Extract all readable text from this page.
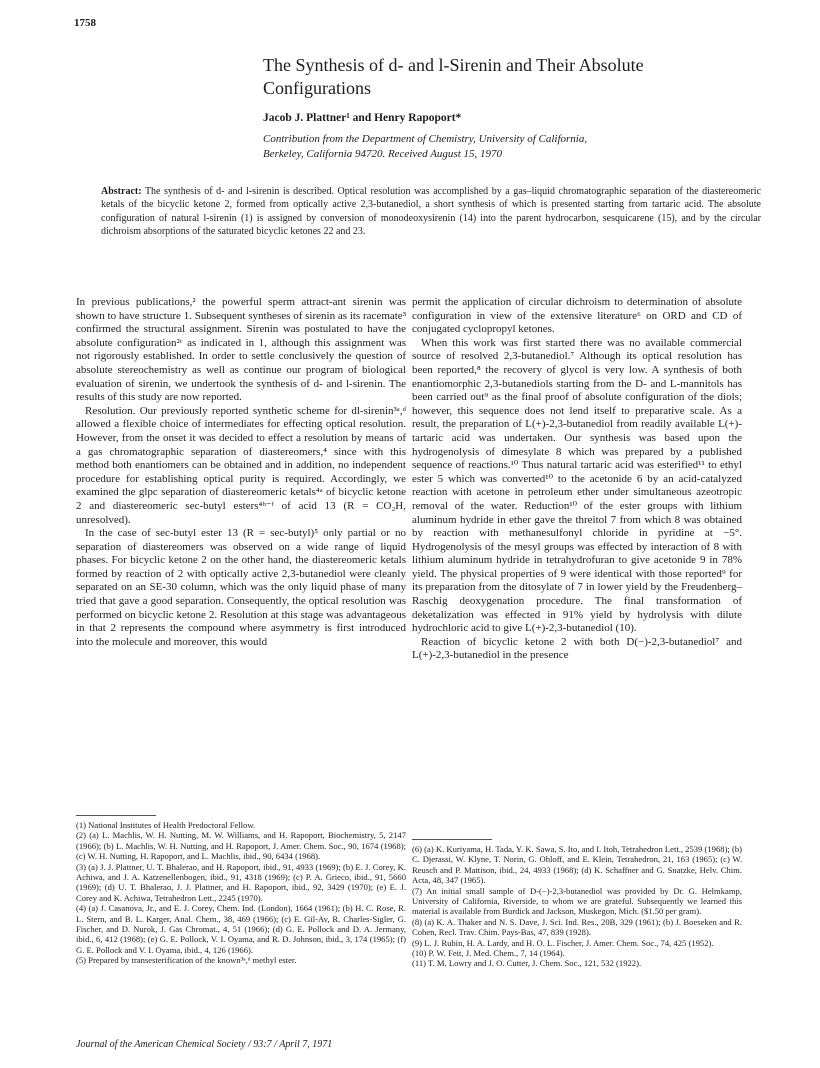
1758
The Synthesis of d- and l-Sirenin and Their Absolute Configurations
Jacob J. Plattner¹ and Henry Rapoport*
Contribution from the Department of Chemistry, University of California,
Berkeley, California 94720. Received August 15, 1970
Abstract: The synthesis of d- and l-sirenin is described. Optical resolution was accomplished by a gas–liquid chromatographic separation of the diastereomeric ketals of the bicyclic ketone 2, formed from optically active 2,3-butanediol, a short synthesis of which is presented starting from tartaric acid. The absolute configuration of natural l-sirenin (1) is assigned by conversion of monodeoxysirenin (14) into the parent hydrocarbon, sesquicarene (15), and by the circular dichroism absorptions of the saturated bicyclic ketones 22 and 23.

In previous publications,² the powerful sperm attract-ant sirenin was shown to have structure 1. Subsequent syntheses of sirenin as its racemate³ confirmed the structural assignment. Sirenin was postulated to have the absolute configuration²ᶜ as indicated in 1, although this assignment was not rigorously established. In order to settle conclusively the question of absolute stereochemistry as well as continue our program of biological evaluation of sirenin, we undertook the synthesis of d- and l-sirenin. The results of this study are now reported.

Resolution. Our previously reported synthetic scheme for dl-sirenin³ᵃ,ᵈ allowed a flexible choice of intermediates for effecting optical resolution. However, from the onset it was decided to effect a resolution by means of a gas chromatographic separation of diastereomers,⁴ since with this method both enantiomers can be obtained and in addition, no independent procedure for establishing optical purity is required. Accordingly, we examined the glpc separation of diastereomeric ketals⁴ᵃ of bicyclic ketone 2 and diastereomeric sec-butyl esters⁴ᵇ⁻ᶠ of acid 13 (R = CO₂H, unresolved).

In the case of sec-butyl ester 13 (R = sec-butyl)⁵ only partial or no separation of diastereomers was observed on a wide range of liquid phases. For bicyclic ketone 2 on the other hand, the diastereomeric ketals formed by reaction of 2 with optically active 2,3-butanediol were cleanly separated on an SE-30 column, which was the only liquid phase of many tried that gave a good separation. Consequently, the optical resolution was performed on bicyclic ketone 2. Resolution at this stage was advantageous in that 2 represents the compound where asymmetry is first introduced into the molecule and moreover, this would

permit the application of circular dichroism to determination of absolute configuration in view of the extensive literature⁶ on ORD and CD of conjugated cyclopropyl ketones.

When this work was first started there was no available commercial source of resolved 2,3-butanediol.⁷ Although its optical resolution has been reported,⁸ the recovery of glycol is very low. A synthesis of both enantiomorphic 2,3-butanediols starting from the D- and L-mannitols has been carried out⁹ as the final proof of absolute configuration of the diols; however, this sequence does not lend itself to preparative scale. As a result, the preparation of L(+)-2,3-butanediol from readily available L(+)-tartaric acid was undertaken. Our synthesis was based upon the hydrogenolysis of dimesylate 8 which was prepared by a published sequence of reactions.¹⁰ Thus natural tartaric acid was esterified¹¹ to ethyl ester 5 which was converted¹⁰ to the acetonide 6 by an acid-catalyzed reaction with acetone in petroleum ether under simultaneous azeotropic removal of the water. Reduction¹⁰ of the ester groups with lithium aluminum hydride in ether gave the threitol 7 from which 8 was obtained by reaction with methanesulfonyl chloride in pyridine at −5°. Hydrogenolysis of the mesyl groups was effected by interaction of 8 with lithium aluminum hydride in tetrahydrofuran to give acetonide 9 in 78% yield. The physical properties of 9 were identical with those reported⁹ for its preparation from the ditosylate of 7 in lower yield by the Freudenberg–Raschig deoxygenation procedure. The final transformation of deketalization was effected in 91% yield by hydrolysis with dilute hydrochloric acid to give L(+)-2,3-butanediol (10).

Reaction of bicyclic ketone 2 with both D(−)-2,3-butanediol⁷ and L(+)-2,3-butanediol in the presence

(1) National Institutes of Health Predoctoral Fellow.

(2) (a) L. Machlis, W. H. Nutting, M. W. Williams, and H. Rapoport, Biochemistry, 5, 2147 (1966); (b) L. Machlis, W. H. Nutting, and H. Rapoport, J. Amer. Chem. Soc., 90, 1674 (1968); (c) W. H. Nutting, H. Rapoport, and L. Machlis, ibid., 90, 6434 (1968).

(3) (a) J. J. Plattner, U. T. Bhalerao, and H. Rapoport, ibid., 91, 4933 (1969); (b) E. J. Corey, K. Achiwa, and J. A. Katzenellenbogen, ibid., 91, 4318 (1969); (c) P. A. Grieco, ibid., 91, 5660 (1969); (d) U. T. Bhalerao, J. J. Plattner, and H. Rapoport, ibid., 92, 3429 (1970); (e) E. J. Corey and K. Achiwa, Tetrahedron Lett., 2245 (1970).

(4) (a) J. Casanova, Jr., and E. J. Corey, Chem. Ind. (London), 1664 (1961); (b) H. C. Rose, R. L. Stern, and B. L. Karger, Anal. Chem., 38, 469 (1966); (c) E. Gil-Av, R. Charles-Sigler, G. Fischer, and D. Nurok, J. Gas Chromat., 4, 51 (1966); (d) G. E. Pollock and D. A. Jermany, ibid., 6, 412 (1968); (e) G. E. Pollock, V. I. Oyama, and R. D. Johnson, ibid., 3, 174 (1965); (f) G. E. Pollock and V. I. Oyama, ibid., 4, 126 (1966).

(5) Prepared by transesterification of the known³ᵃ,ᵈ methyl ester.

(6) (a) K. Kuriyama, H. Tada, Y. K. Sawa, S. Ito, and I. Itoh, Tetrahedron Lett., 2539 (1968); (b) C. Djerassi, W. Klyne, T. Norin, G. Ohloff, and E. Klein, Tetrahedron, 21, 163 (1965); (c) W. Reusch and P. Mattison, ibid., 24, 4933 (1968); (d) K. Schaffner and G. Snatzke, Helv. Chim. Acta, 48, 347 (1965).

(7) An initial small sample of D-(−)-2,3-butanediol was provided by Dr. G. Helmkamp, University of California, Riverside, to whom we are grateful. Subsequently we learned this material is available from Burdick and Jackson, Muskegon, Mich. ($1.50 per gram).

(8) (a) K. A. Thaker and N. S. Dave, J. Sci. Ind. Res., 20B, 329 (1961); (b) J. Boeseken and R. Cohen, Recl. Trav. Chim. Pays-Bas, 47, 839 (1928).

(9) L. J. Rubin, H. A. Lardy, and H. O. L. Fischer, J. Amer. Chem. Soc., 74, 425 (1952).

(10) P. W. Feit, J. Med. Chem., 7, 14 (1964).

(11) T. M. Lowry and J. O. Cutter, J. Chem. Soc., 121, 532 (1922).

Journal of the American Chemical Society / 93:7 / April 7, 1971
